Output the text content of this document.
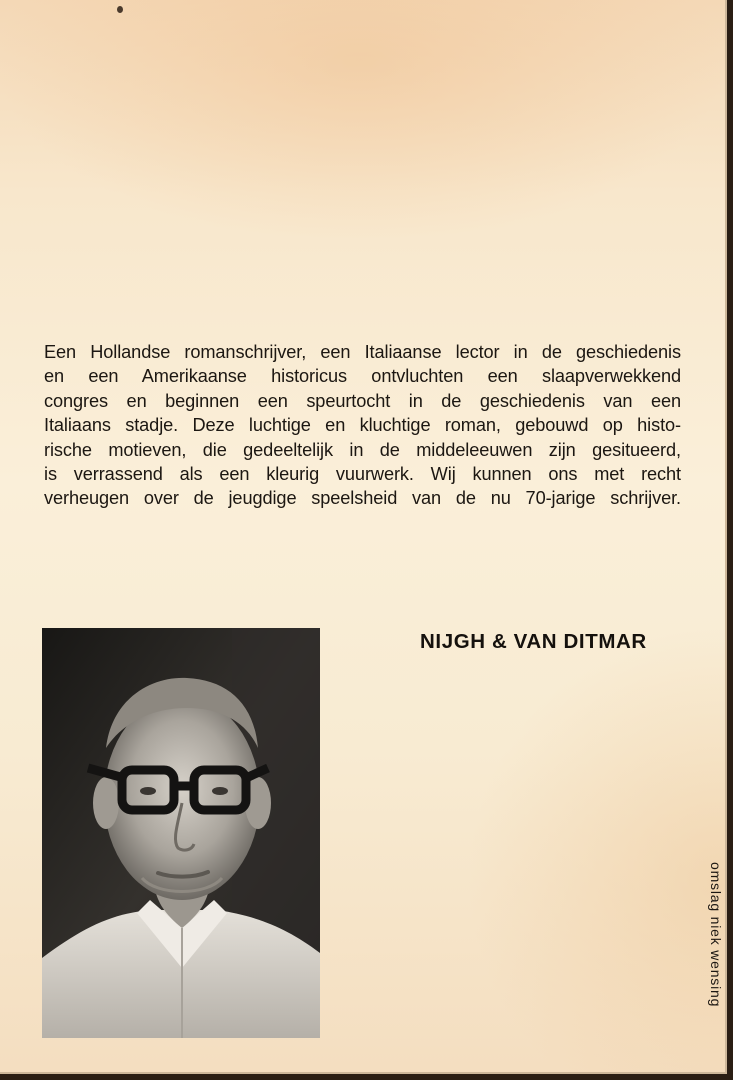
Een Hollandse romanschrijver, een Italiaanse lector in de geschiedenis
en een Amerikaanse historicus ontvluchten een slaapverwekkend
congres en beginnen een speurtocht in de geschiedenis van een
Italiaans stadje. Deze luchtige en kluchtige roman, gebouwd op histo-
rische motieven, die gedeeltelijk in de middeleeuwen zijn gesitueerd,
is verrassend als een kleurig vuurwerk. Wij kunnen ons met recht
verheugen over de jeugdige speelsheid van de nu 70-jarige schrijver.

NIJGH & VAN DITMAR
omslag niek wensing
